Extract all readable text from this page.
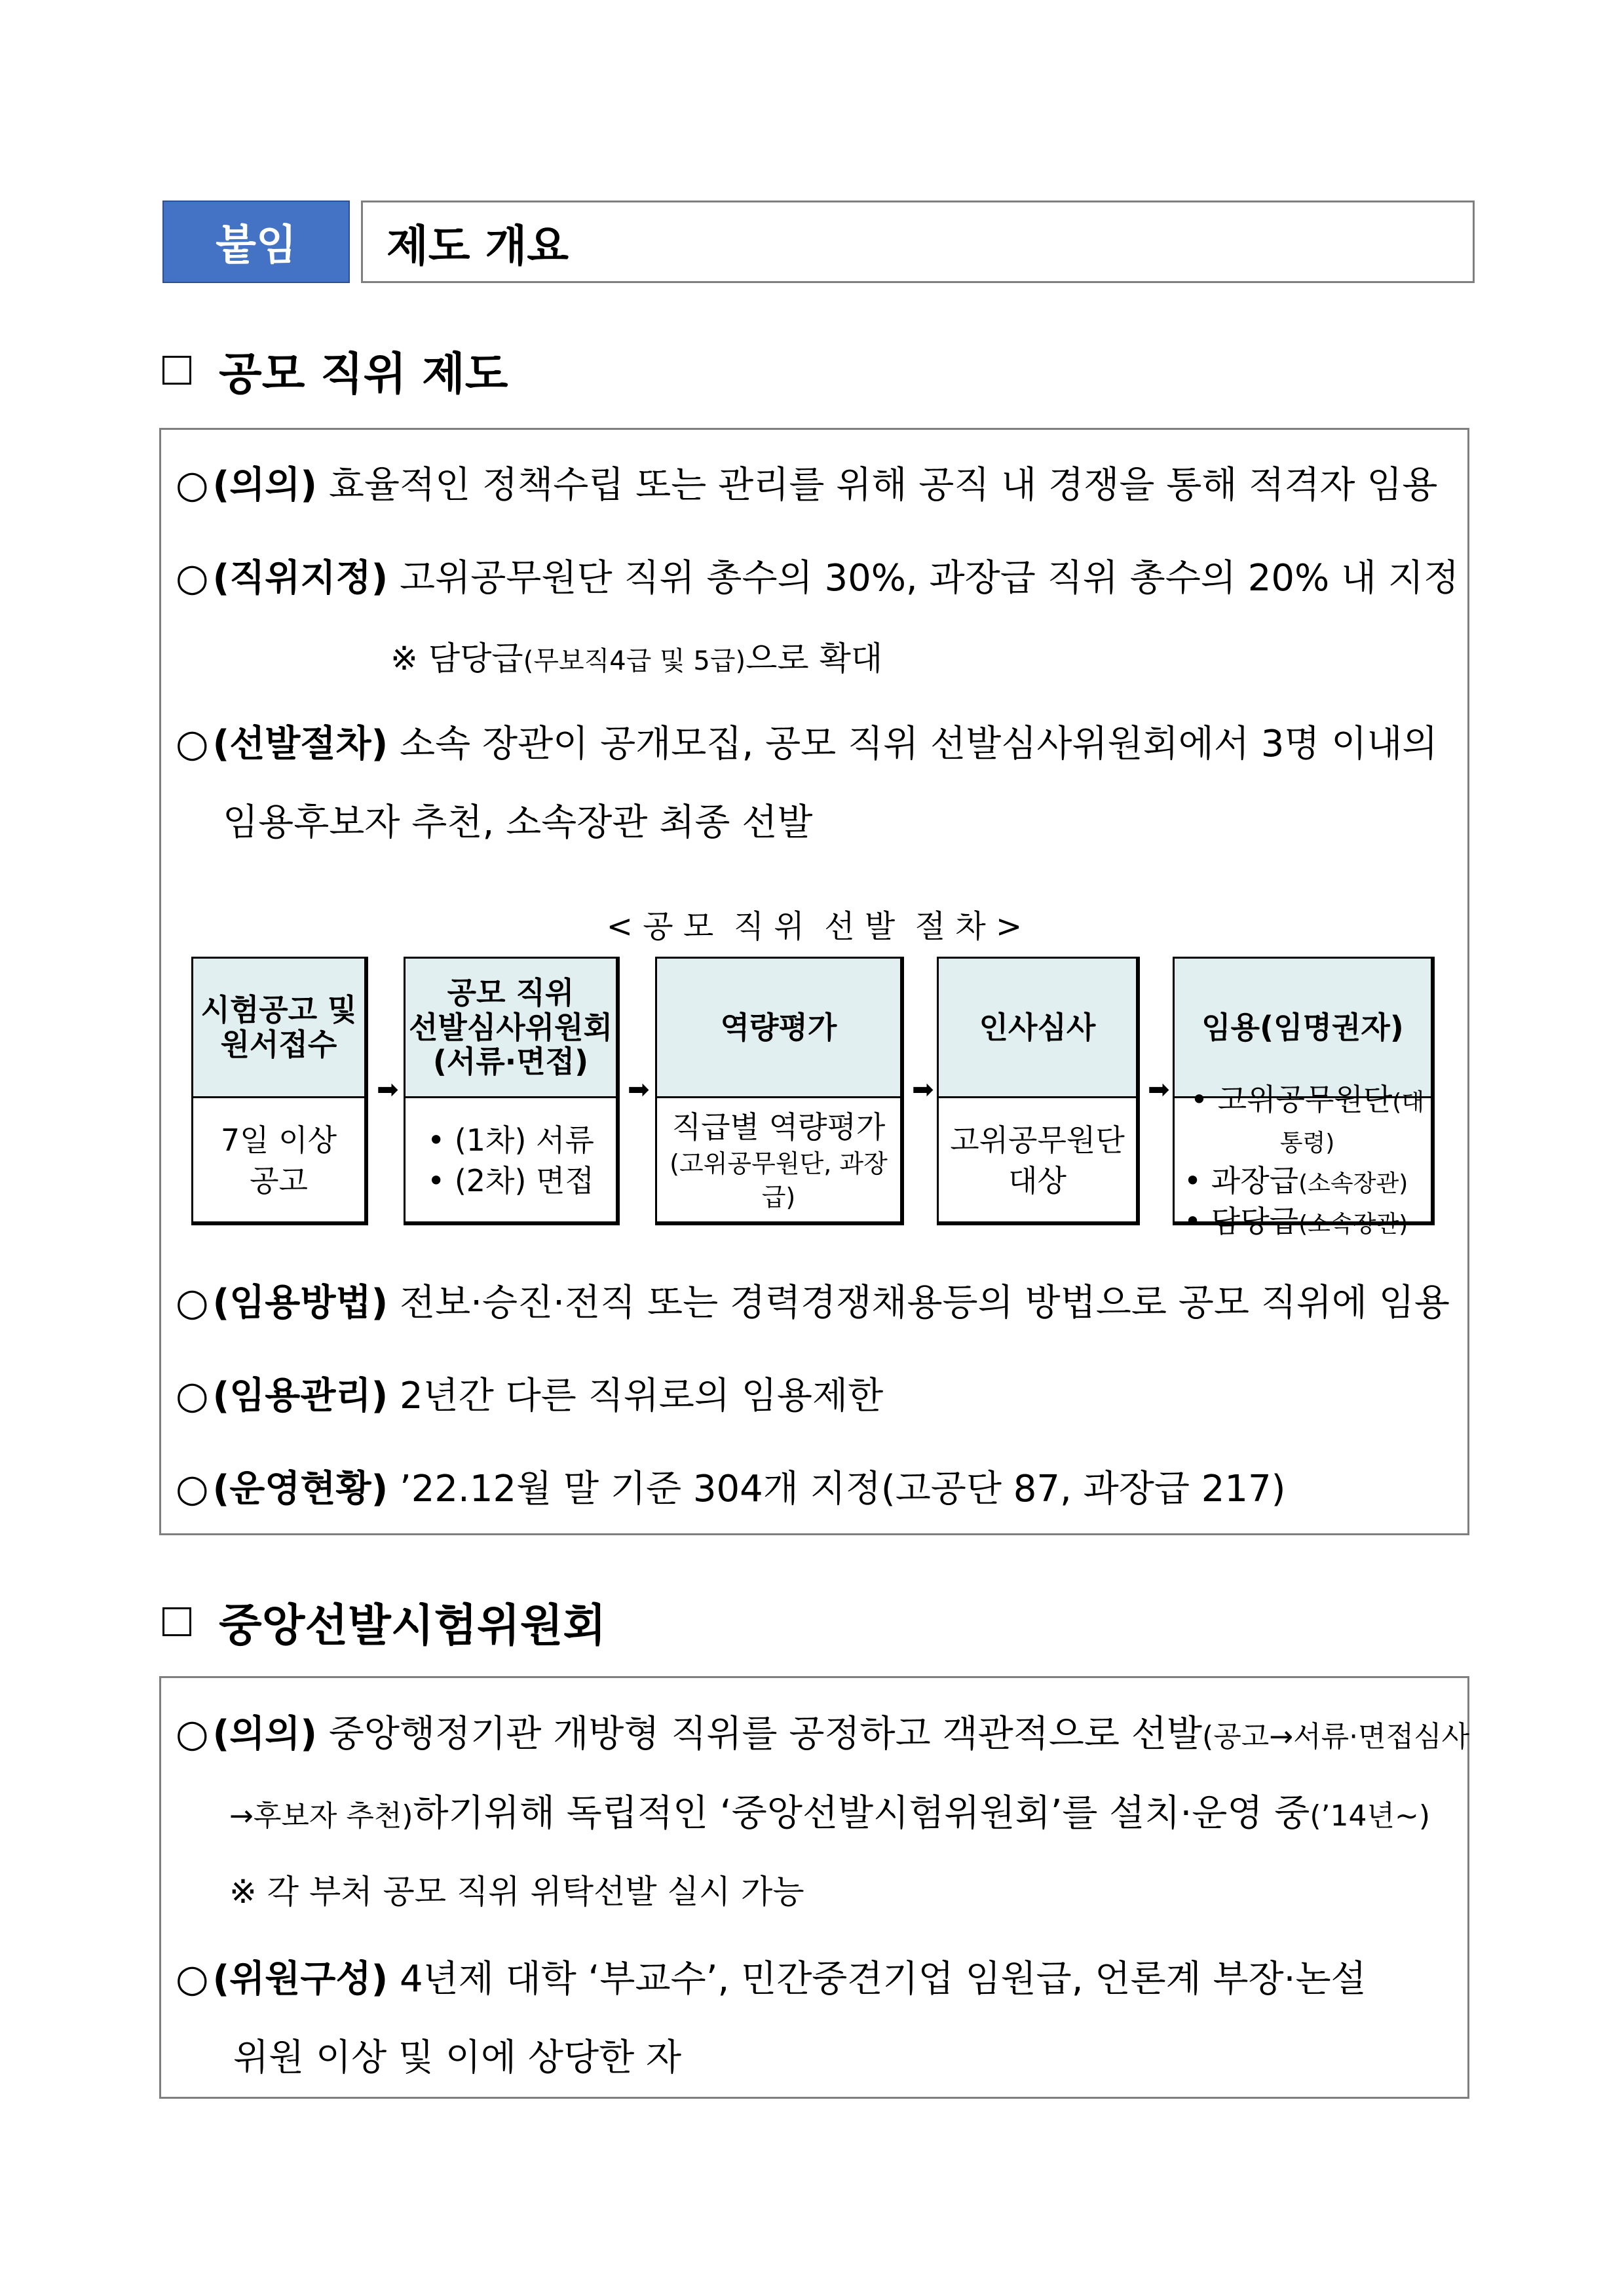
붙임	제도 개요
공모 직위 제도
○ (의의) 효율적인 정책수립 또는 관리를 위해 공직 내 경쟁을 통해 적격자 임용
○ (직위지정) 고위공무원단 직위 총수의 30%, 과장급 직위 총수의 20% 내 지정
※ 담당급(무보직4급 및 5급)으로 확대
○ (선발절차) 소속 장관이 공개모집, 공모 직위 선발심사위원회에서 3명 이내의
임용후보자 추천, 소속장관 최종 선발
< 공 모  직 위  선 발  절 차 >
시험공고 및
원서접수
7일 이상
공고
➡
공모 직위
선발심사위원회
(서류·면접)
• (1차) 서류
• (2차) 면접
➡
역량평가
직급별 역량평가
(고위공무원단, 과장급)
➡
인사심사
고위공무원단
대상
➡
임용(임명권자)
• 고위공무원단(대통령)
• 과장급(소속장관)
• 담당급(소속장관)
○ (임용방법) 전보·승진·전직 또는 경력경쟁채용등의 방법으로 공모 직위에 임용
○ (임용관리) 2년간 다른 직위로의 임용제한
○ (운영현황) ’22.12월 말 기준 304개 지정(고공단 87, 과장급 217)
중앙선발시험위원회
○ (의의) 중앙행정기관 개방형 직위를 공정하고 객관적으로 선발(공고→서류·면접심사
→후보자 추천)하기위해 독립적인 ‘중앙선발시험위원회’를 설치·운영 중(’14년~)
※ 각 부처 공모 직위 위탁선발 실시 가능
○ (위원구성) 4년제 대학 ‘부교수’, 민간중견기업 임원급, 언론계 부장·논설
위원 이상 및 이에 상당한 자
